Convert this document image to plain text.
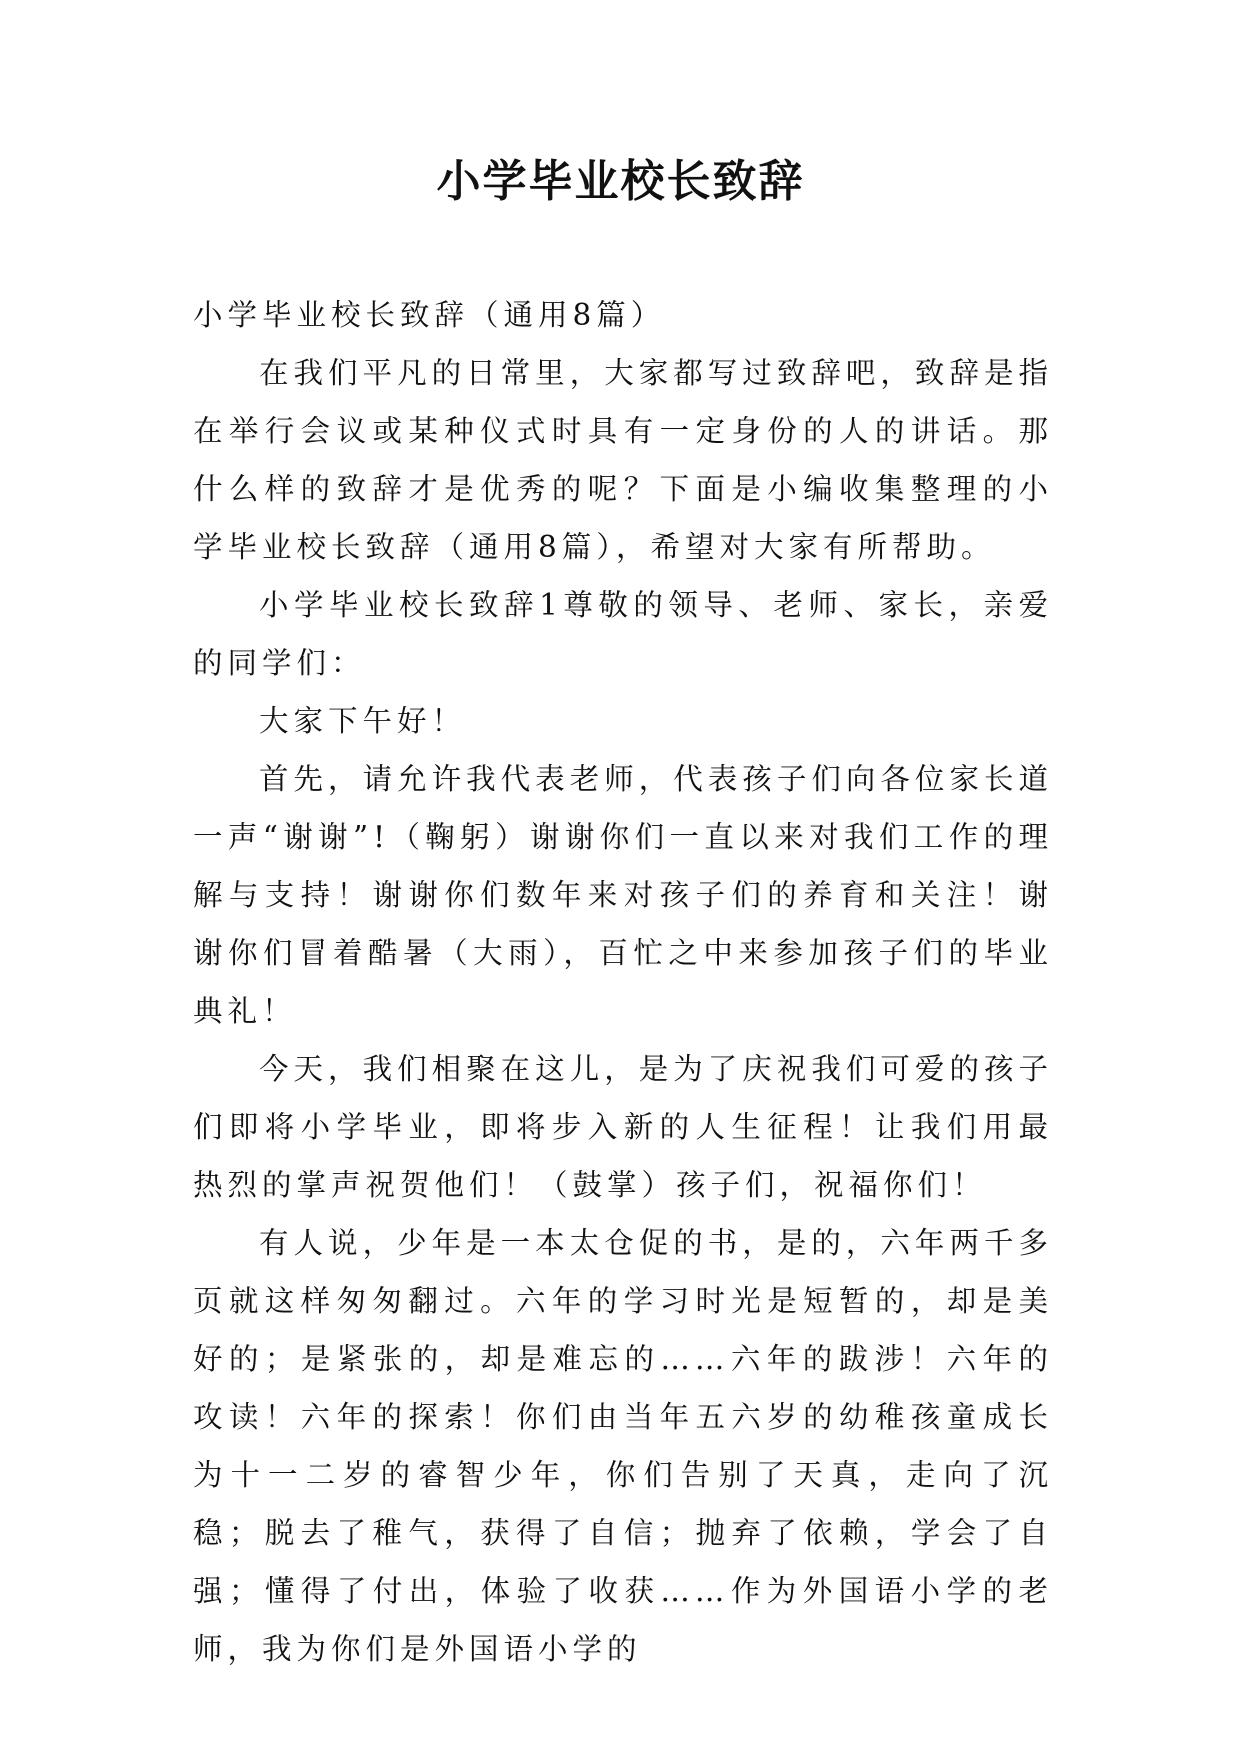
小学毕业校长致辞

小学毕业校长致辞（通用8篇）

在我们平凡的日常里，大家都写过致辞吧，致辞是指在举行会议或某种仪式时具有一定身份的人的讲话。那什么样的致辞才是优秀的呢？下面是小编收集整理的小学毕业校长致辞（通用8篇），希望对大家有所帮助。

小学毕业校长致辞1尊敬的领导、老师、家长，亲爱的同学们：

大家下午好！

首先，请允许我代表老师，代表孩子们向各位家长道一声“谢谢”!（鞠躬）谢谢你们一直以来对我们工作的理解与支持！谢谢你们数年来对孩子们的养育和关注！谢谢你们冒着酷暑（大雨），百忙之中来参加孩子们的毕业典礼！

今天，我们相聚在这儿，是为了庆祝我们可爱的孩子们即将小学毕业，即将步入新的人生征程！让我们用最热烈的掌声祝贺他们！（鼓掌）孩子们，祝福你们！

有人说，少年是一本太仓促的书，是的，六年两千多页就这样匆匆翻过。六年的学习时光是短暂的，却是美好的；是紧张的，却是难忘的……六年的跋涉！六年的攻读！六年的探索！你们由当年五六岁的幼稚孩童成长为十一二岁的睿智少年，你们告别了天真，走向了沉稳；脱去了稚气，获得了自信；抛弃了依赖，学会了自强；懂得了付出，体验了收获……作为外国语小学的老师，我为你们是外国语小学的
